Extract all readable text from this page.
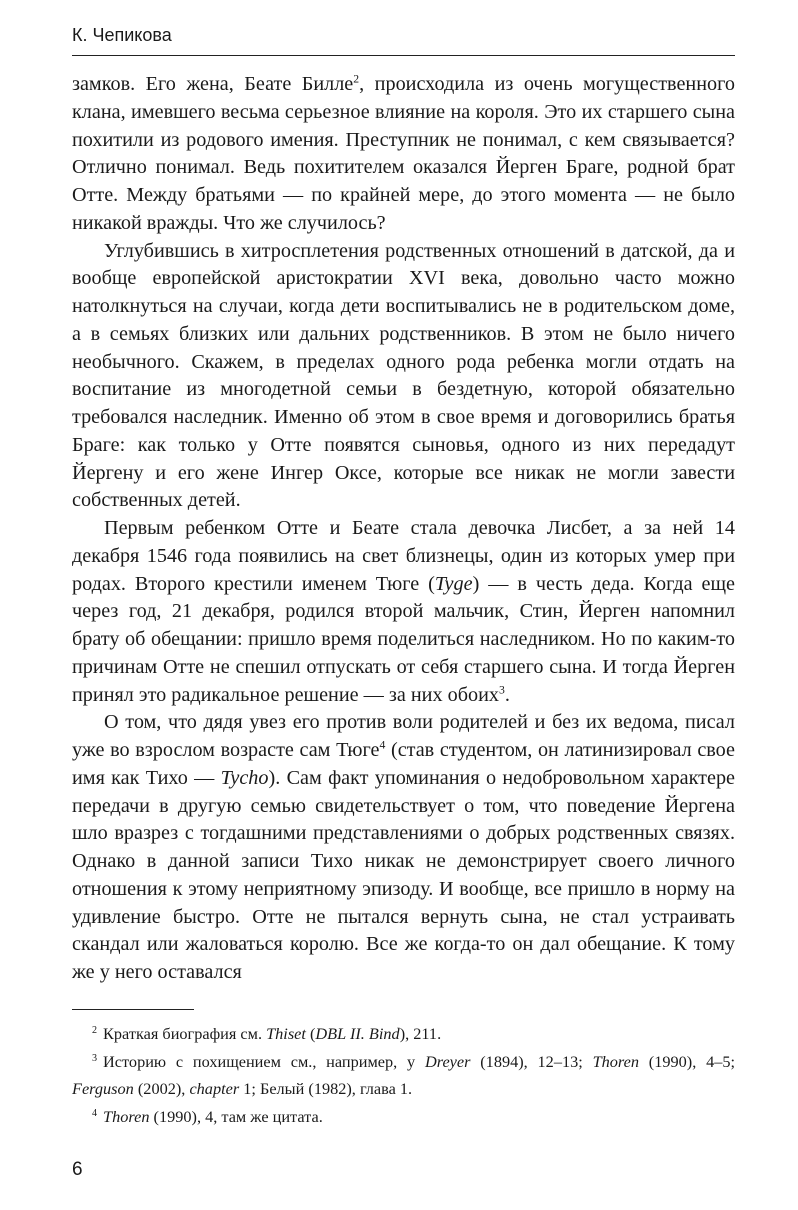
К. Чепикова

замков. Его жена, Беате Билле$^2$, происходила из очень могущественного клана, имевшего весьма серьезное влияние на короля. Это их старшего сына похитили из родового имения. Преступник не понимал, с кем связывается? Отлично понимал. Ведь похитителем оказался Йерген Браге, родной брат Отте. Между братьями — по крайней мере, до этого момента — не было никакой вражды. Что же случилось?

Углубившись в хитросплетения родственных отношений в датской, да и вообще европейской аристократии XVI века, довольно часто можно натолкнуться на случаи, когда дети воспитывались не в родительском доме, а в семьях близких или дальних родственников. В этом не было ничего необычного. Скажем, в пределах одного рода ребенка могли отдать на воспитание из многодетной семьи в бездетную, которой обязательно требовался наследник. Именно об этом в свое время и договорились братья Браге: как только у Отте появятся сыновья, одного из них передадут Йергену и его жене Ингер Оксе, которые все никак не могли завести собственных детей.

Первым ребенком Отте и Беате стала девочка Лисбет, а за ней 14 декабря 1546 года появились на свет близнецы, один из которых умер при родах. Второго крестили именем Тюге (Tyge) — в честь деда. Когда еще через год, 21 декабря, родился второй мальчик, Стин, Йерген напомнил брату об обещании: пришло время поделиться наследником. Но по каким-то причинам Отте не спешил отпускать от себя старшего сына. И тогда Йерген принял это радикальное решение — за них обоих$^3$.

О том, что дядя увез его против воли родителей и без их ведома, писал уже во взрослом возрасте сам Тюге$^4$ (став студентом, он латинизировал свое имя как Тихо — Tycho). Сам факт упоминания о недобровольном характере передачи в другую семью свидетельствует о том, что поведение Йергена шло вразрез с тогдашними представлениями о добрых родственных связях. Однако в данной записи Тихо никак не демонстрирует своего личного отношения к этому неприятному эпизоду. И вообще, все пришло в норму на удивление быстро. Отте не пытался вернуть сына, не стал устраивать скандал или жаловаться королю. Все же когда-то он дал обещание. К тому же у него оставался

$^2$ Краткая биография см. Thiset (DBL II. Bind), 211.

$^3$ Историю с похищением см., например, у Dreyer (1894), 12–13; Thoren (1990), 4–5; Ferguson (2002), chapter 1; Белый (1982), глава 1.

$^4$ Thoren (1990), 4, там же цитата.

6
